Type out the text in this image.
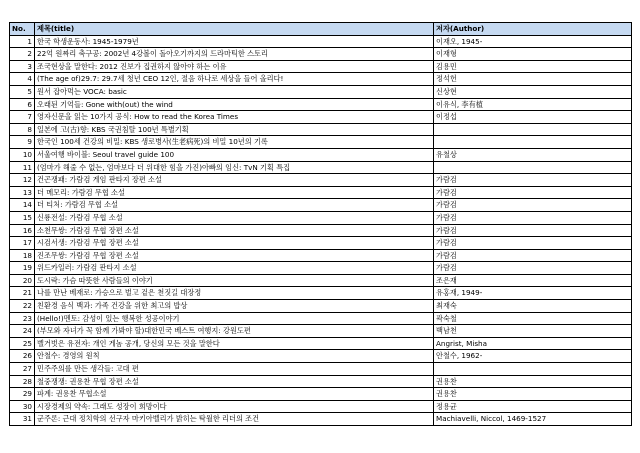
No.	제목(title)	저자(Author)
1	한국 학생운동사: 1945-1979년	이재오, 1945-
2	22억 원짜리 축구공: 2002년 4강볼이 돌아오기까지의 드라마틱한 스토리	이재형
3	조국현상을 말한다: 2012 진보가 집권하지 않아야 하는 이유	김용민
4	(The age of)29.7: 29.7세 청년 CEO 12인, 절음 하나로 세상을 들어 올리다!	정석헌
5	원서 잡아먹는 VOCA: basic	신상현
6	오래된 기억들: Gone with(out) the wind	이유식, 李有植
7	영자신문을 읽는 10가지 공식: How to read the Korea Times	이정섭
8	일본에 고(古)향: KBS 국권침탈 100년 특별기획	
9	한국인 100세 건강의 비밀: KBS 생로병사(生老病死)의 비밀 10년의 기록	
10	서울여행 바이블: Seoul travel guide 100	유철상
11	(엄마가 해줄 수 없는, 엄마보다 더 위대한 힘을 가진)아빠의 임신: TvN 기획 특집	
12	건곤쟁패: 가람검 게임 판타지 장편 소설	가람검
13	더 메모리: 가람검 무협 소설	가람검
14	더 티처: 가람검 무협 소설	가람검
15	신룡전설: 가람검 무협 소설	가람검
16	소천무쌍: 가람검 무협 장편 소설	가람검
17	시검서생: 가람검 무협 장편 소설	가람검
18	진조무쌍: 가람검 무협 장편 소설	가람검
19	위드카일러: 가람검 판타지 소설	가람검
20	도시락: 가슴 따뜻한 사람들의 이야기	조은재
21	나를 만난 베재로: 가승으로 벌고 겉은 천짓길 대장정	유홍재, 1949-
22	친환경 음식 백과: 가족 건강을 위한 최고의 밥상	최재숙
23	(Hello!)멘토: 감성이 있는 행복한 성공이야기	곽숙철
24	(부모와 자녀가 꼭 함께 가봐야 할)대한민국 베스트 여행지: 강원도편	백남천
25	벨거벗은 유전자: 개인 게놈 공개, 당신의 모든 것을 말한다	Angrist, Misha
26	안철수: 경영의 원칙	안철수, 1962-
27	민주주의를 만든 생각들: 고대 편	
28	철중쟁쟁: 권용찬 무협 장편 소설	권용찬
29	파계: 권용찬 무협소설	권용찬
30	시장경제의 약속: 그래도 성장이 희망이다	정용균
31	군주론: 근대 정치학의 선구자 마키아벨리가 밝히는 탁월한 리더의 조건	Machiavelli, Niccol, 1469-1527
